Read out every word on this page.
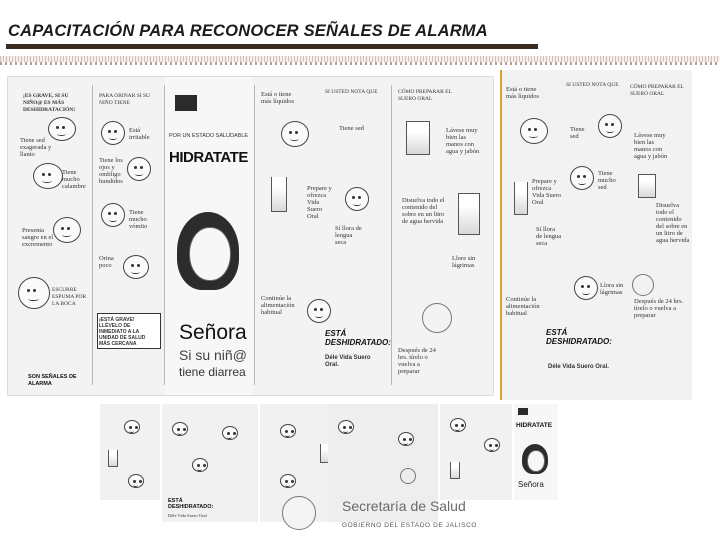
CAPACITACIÓN PARA RECONOCER SEÑALES DE ALARMA
¡ES GRAVE, SI SU NIÑO@ ES MÁS DESHIDRATACIÓN!
Tiene sed exagerada y llanto
Tiene mucho calambre
Presenta sangre en el excremento
ESCURRE ESPUMA POR LA BOCA
SON SEÑALES DE ALARMA
PARA ORINAR SI SU NIÑO TIENE
Está irritable
Tiene los ojos y ombligo hundidos
Tiene mucho vómito
Orina poco
¡ESTÁ GRAVE! LLÉVELO DE INMEDIATO A LA UNIDAD DE SALUD MÁS CERCANA
POR UN ESTADO SALUDABLE
HIDRATATE
Señora
Si su niñ@
tiene diarrea
Está o tiene más líquidos
SI USTED NOTA QUE
Tiene sed
Prepare y ofrezca Vida Suero Oral
Sí llora de lengua seca
Continúe la alimentación habitual
ESTÁ DESHIDRATADO:
Déle Vida Suero Oral.
CÓMO PREPARAR EL SUERO ORAL
Lávese muy bien las manos con agua y jabón
Disuelva todo el contenido del sobre en un litro de agua hervida
Llore sin lágrimas
Después de 24 hrs. tírelo o vuelva a preparar
Está o tiene más líquidos
Prepare y ofrezca Vida Suero Oral
Sí llora de lengua seca
Continúe la alimentación habitual
ESTÁ DESHIDRATADO:
Déle Vida Suero Oral.
SI USTED NOTA QUE
Tiene sed
Tiene mucho sed
Llora sin lágrimas
CÓMO PREPARAR EL SUERO ORAL
Lávese muy bien las manos con agua y jabón
Disuelva todo el contenido del sobre en un litro de agua hervida
Después de 24 hrs. tírelo o vuelva a preparar
ESTÁ DESHIDRATADO:
Déle Vida Suero Oral
HIDRATATE
Señora
Secretaría de Salud
GOBIERNO DEL ESTADO DE JALISCO
